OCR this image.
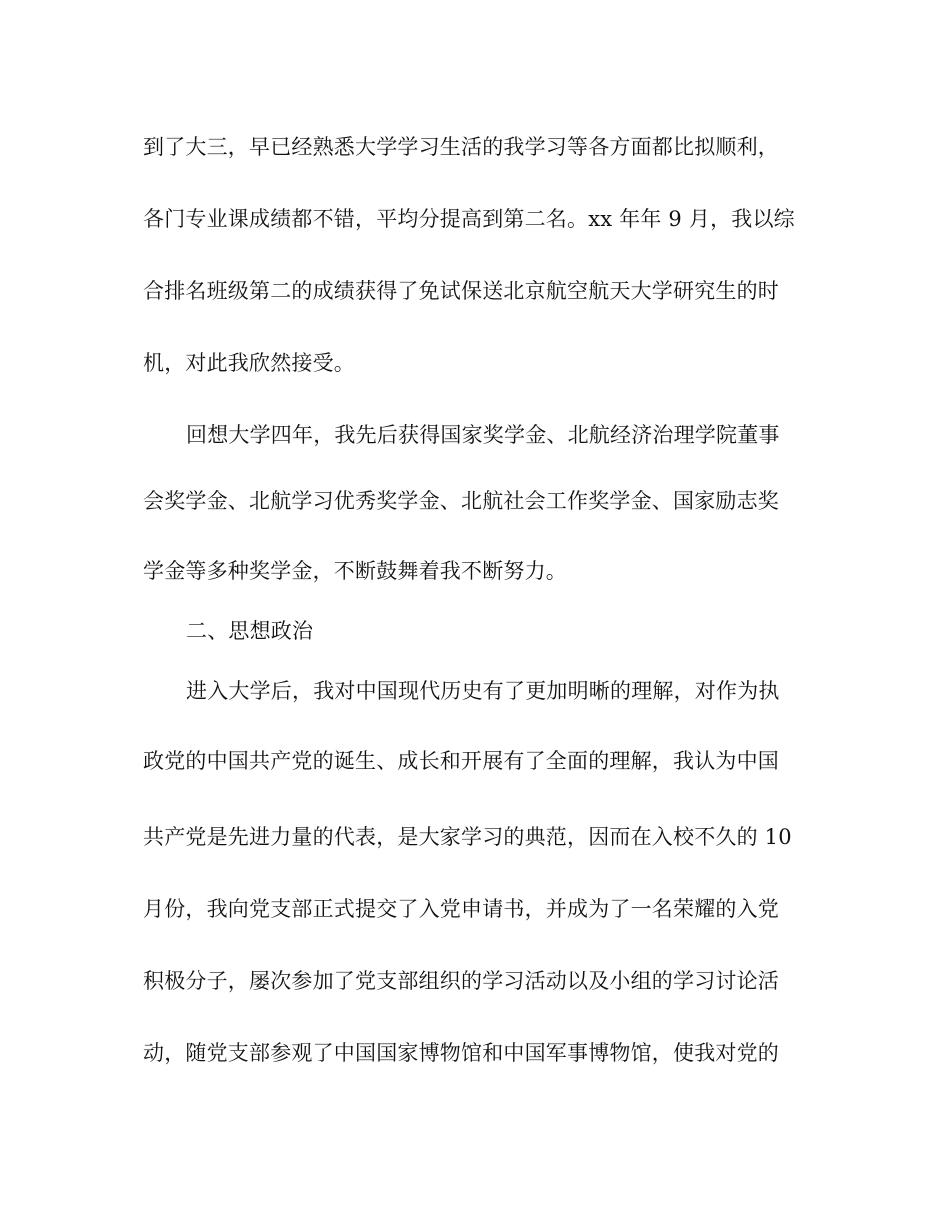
到了大三，早已经熟悉大学学习生活的我学习等各方面都比拟顺利，
各门专业课成绩都不错，平均分提高到第二名。xx 年年 9 月，我以综
合排名班级第二的成绩获得了免试保送北京航空航天大学研究生的时
机，对此我欣然接受。
回想大学四年，我先后获得国家奖学金、北航经济治理学院董事
会奖学金、北航学习优秀奖学金、北航社会工作奖学金、国家励志奖
学金等多种奖学金，不断鼓舞着我不断努力。
二、思想政治
进入大学后，我对中国现代历史有了更加明晰的理解，对作为执
政党的中国共产党的诞生、成长和开展有了全面的理解，我认为中国
共产党是先进力量的代表，是大家学习的典范，因而在入校不久的 10
月份，我向党支部正式提交了入党申请书，并成为了一名荣耀的入党
积极分子，屡次参加了党支部组织的学习活动以及小组的学习讨论活
动，随党支部参观了中国国家博物馆和中国军事博物馆，使我对党的
